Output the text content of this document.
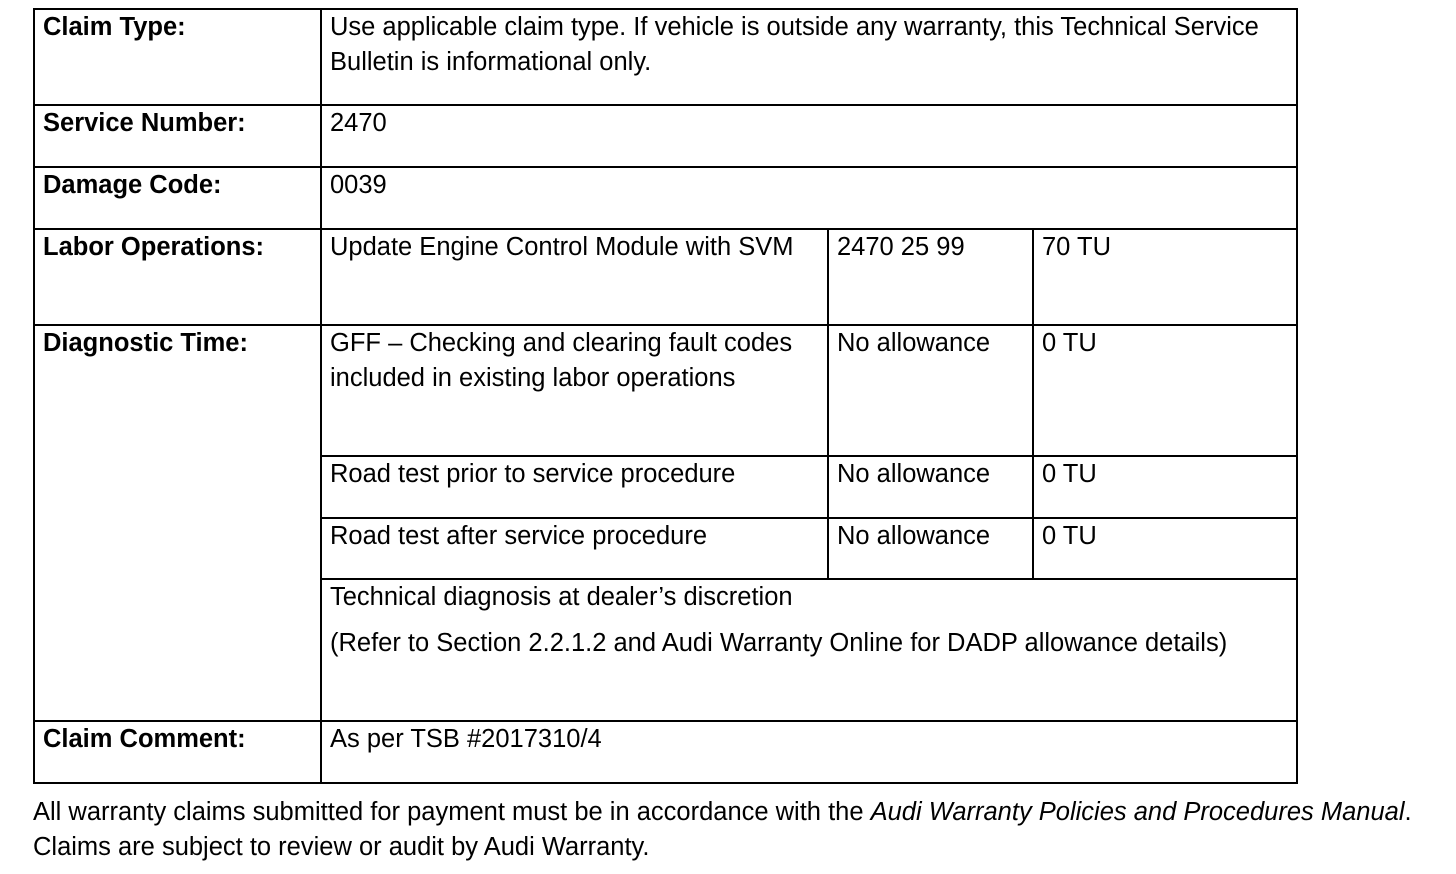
Claim Type:	Use applicable claim type. If vehicle is outside any warranty, this Technical Service Bulletin is informational only.		
Service Number:	2470		
Damage Code:	0039		
Labor Operations:	Update Engine Control Module with SVM	2470 25 99	70 TU
Diagnostic Time:	GFF – Checking and clearing fault codes included in existing labor operations	No allowance	0 TU
	Road test prior to service procedure	No allowance	0 TU
	Road test after service procedure	No allowance	0 TU

	Technical diagnosis at dealer’s discretion
(Refer to Section 2.2.1.2 and Audi Warranty Online for DADP allowance details)		

Claim Comment:	As per TSB #2017310/4		
All warranty claims submitted for payment must be in accordance with the Audi Warranty Policies and Procedures Manual. Claims are subject to review or audit by Audi Warranty.
